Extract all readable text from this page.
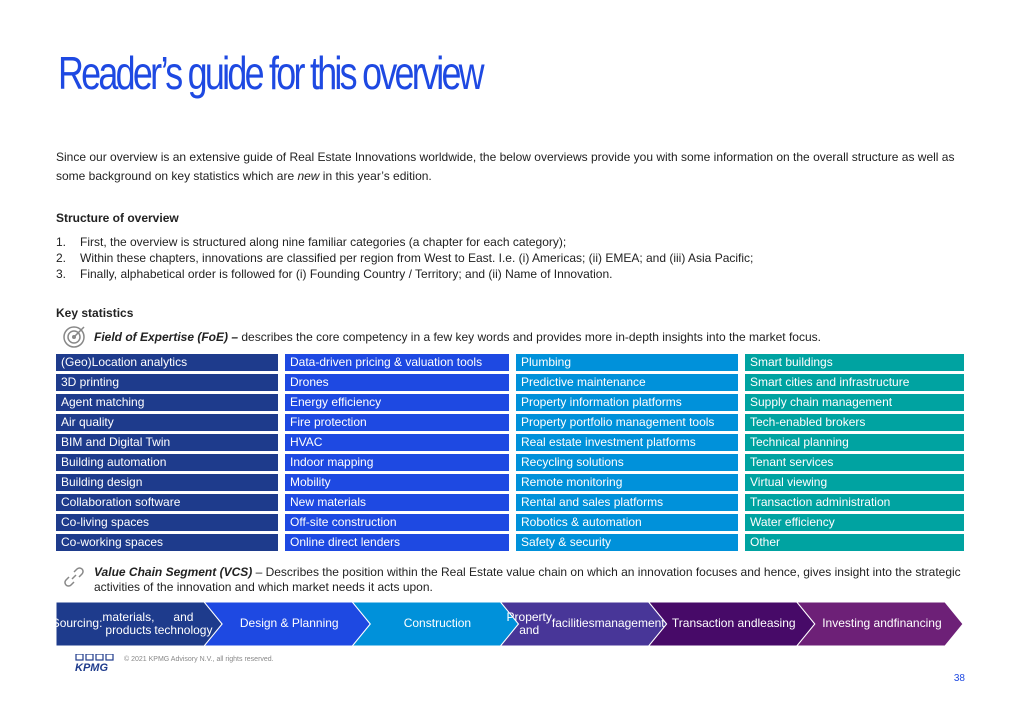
Reader’s guide for this overview

Since our overview is an extensive guide of Real Estate Innovations worldwide, the below overviews provide you with some information on the overall structure as well as some background on key statistics which are new in this year’s edition.

Structure of overview
1.	First, the overview is structured along nine familiar categories (a chapter for each category);
2.	Within these chapters, innovations are classified per region from West to East. I.e. (i) Americas; (ii) EMEA; and (iii) Asia Pacific;
3.	Finally, alphabetical order is followed for (i) Founding Country / Territory; and (ii) Name of Innovation.
Key statistics
Field of Expertise (FoE) – describes the core competency in a few key words and provides more in-depth insights into the market focus.
(Geo)Location analytics	Data-driven pricing & valuation tools	Plumbing	Smart buildings
3D printing	Drones	Predictive maintenance	Smart cities and infrastructure
Agent matching	Energy efficiency	Property information platforms	Supply chain management
Air quality	Fire protection	Property portfolio management tools	Tech-enabled brokers
BIM and Digital Twin	HVAC	Real estate investment platforms	Technical planning
Building automation	Indoor mapping	Recycling solutions	Tenant services
Building design	Mobility	Remote monitoring	Virtual viewing
Collaboration software	New materials	Rental and sales platforms	Transaction administration
Co-living spaces	Off-site construction	Robotics & automation	Water efficiency
Co-working spaces	Online direct lenders	Safety & security	Other
Value Chain Segment (VCS) – Describes the position within the Real Estate value chain on which an innovation focuses and hence, gives insight into the strategic activities of the innovation and which market needs it acts upon.
Sourcing: materials, products

and technology Design & Planning	Construction	Property and	facilities management Transaction and leasing Investing and financing
KPMG
© 2021 KPMG Advisory N.V., all rights reserved.
38
